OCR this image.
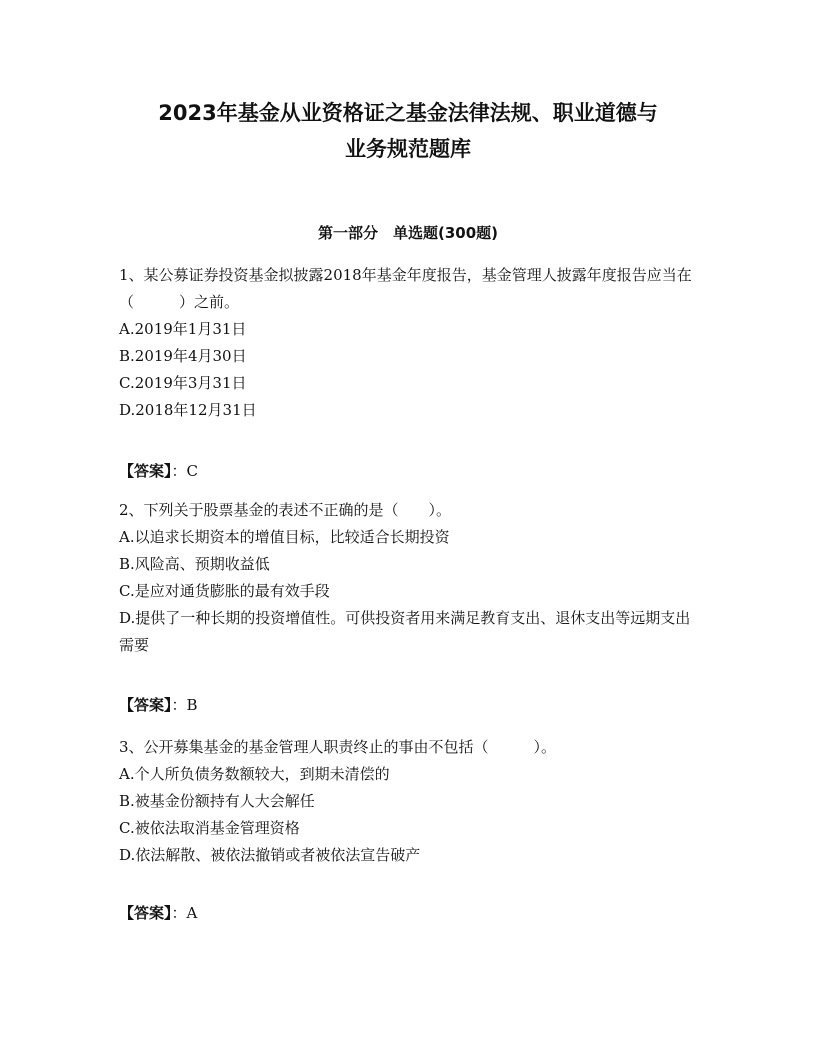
2023年基金从业资格证之基金法律法规、职业道德与
业务规范题库
第一部分　单选题(300题)

1、某公募证券投资基金拟披露2018年基金年度报告，基金管理人披露年度报告应当在（　　　）之前。

A.2019年1月31日

B.2019年4月30日

C.2019年3月31日

D.2018年12月31日

【答案】：C

2、下列关于股票基金的表述不正确的是（　　）。

A.以追求长期资本的增值目标，比较适合长期投资

B.风险高、预期收益低

C.是应对通货膨胀的最有效手段

D.提供了一种长期的投资增值性。可供投资者用来满足教育支出、退休支出等远期支出需要

【答案】：B

3、公开募集基金的基金管理人职责终止的事由不包括（　　　）。

A.个人所负债务数额较大，到期未清偿的

B.被基金份额持有人大会解任

C.被依法取消基金管理资格

D.依法解散、被依法撤销或者被依法宣告破产

【答案】：A
